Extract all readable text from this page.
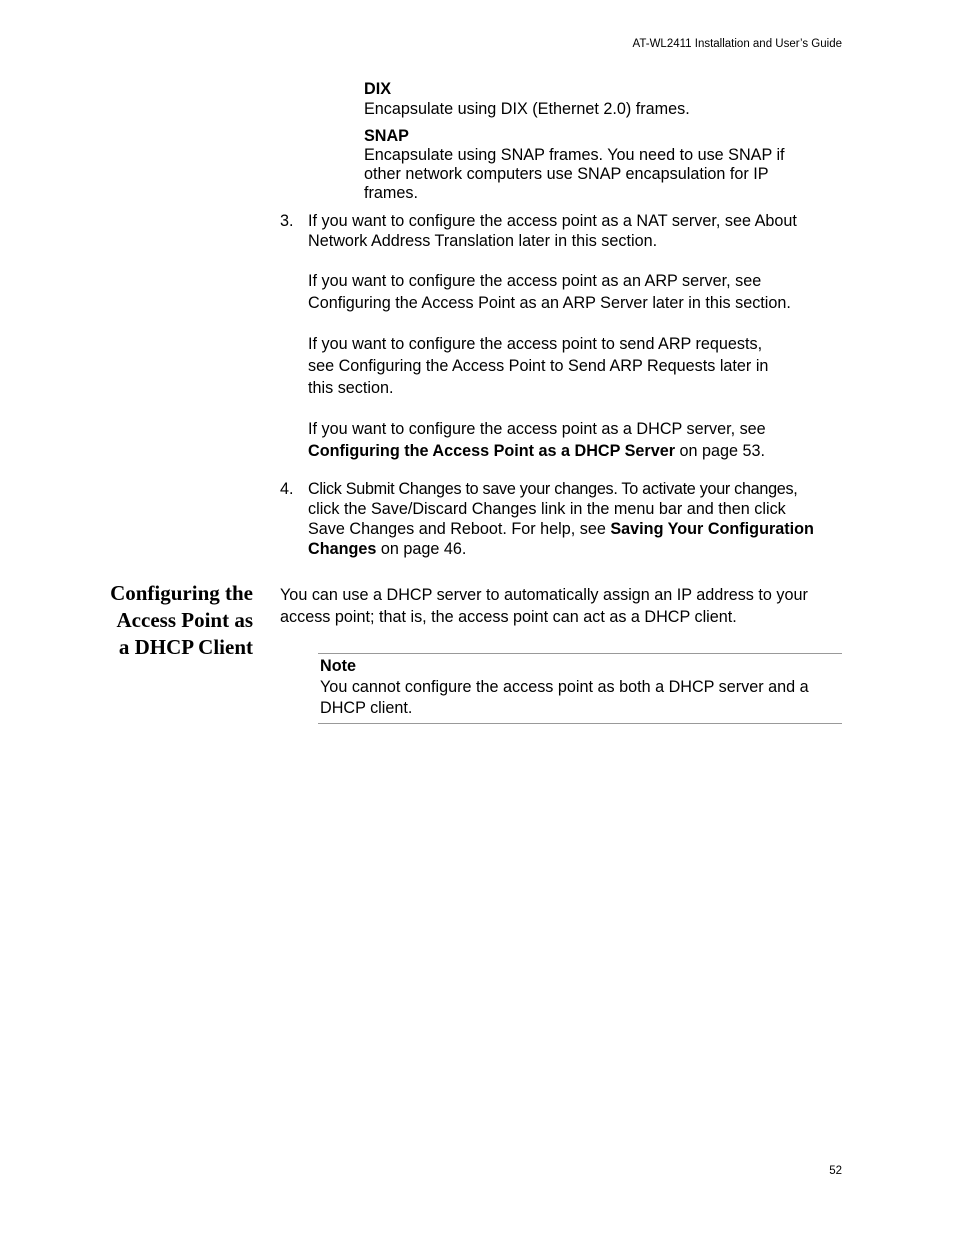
AT-WL2411 Installation and User’s Guide
DIX
Encapsulate using DIX (Ethernet 2.0) frames.
SNAP
Encapsulate using SNAP frames. You need to use SNAP if
other network computers use SNAP encapsulation for IP
frames.
3. If you want to configure the access point as a NAT server, see About
Network Address Translation later in this section.

If you want to configure the access point as an ARP server, see
Configuring the Access Point as an ARP Server later in this section.

If you want to configure the access point to send ARP requests,
see Configuring the Access Point to Send ARP Requests later in
this section.

If you want to configure the access point as a DHCP server, see
Configuring the Access Point as a DHCP Server on page 53.

4. Click Submit Changes to save your changes. To activate your changes,
click the Save/Discard Changes link in the menu bar and then click
Save Changes and Reboot. For help, see Saving Your Configuration
Changes on page 46.
Configuring the
Access Point as
a DHCP Client
You can use a DHCP server to automatically assign an IP address to your
access point; that is, the access point can act as a DHCP client.
Note
You cannot configure the access point as both a DHCP server and a
DHCP client.
52
